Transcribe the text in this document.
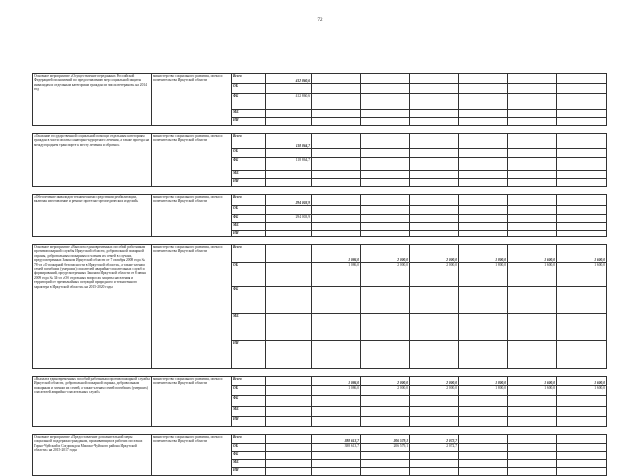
72
Основное мероприятие «Осуществление переданных Российской Федерацией полномочий по предоставлению мер социальной защиты инвалидам и отдельным категориям граждан из числа ветеранов» на 2014 год	министерство социального развития, опеки и попечительства Иркутской области	Всего	412 860,6						
		ОБ							
		ФБ	412 860,6						
		МБ							
		НИ							

«Оказание государственной социальной помощи отдельным категориям граждан в части оплаты санаторно-курортного лечения, а также проезда на междугороднем транспорте к месту лечения и обратно»	министерство социального развития, опеки и попечительства Иркутской области	Всего	118 864,7						
		ОБ							
		ФБ	118 864,7						
		МБ							
		НИ							

«Обеспечение инвалидов техническими средствами реабилитации, включая изготовление и ремонт протезно-ортопедических изделий»	министерство социального развития, опеки и попечительства Иркутской области	Всего	294 003,9						
		ОБ							
		ФБ	294 003,9						
		МБ							
		НИ							

Основное мероприятие «Выплата единовременных пособий работникам противопожарной службы Иркутской области, добровольной пожарной охраны, добровольным пожарным и членам их семей в случаях, предусмотренных Законом Иркутской области от 7 октября 2008 года № 78-оз «О пожарной безопасности в Иркутской области», а также членам семей погибших (умерших) спасателей аварийно-спасательных служб и формирований, предусмотренных Законом Иркутской области от 8 июня 2009 года № 34-оз «Об отдельных вопросах защиты населения и территорий от чрезвычайных ситуаций природного и техногенного характера в Иркутской области» на 2015-2020 годы	министерство социального развития, опеки и попечительства Иркутской области	Всего		1 086,0	2 000,0	2 000,0	1 800,0	1 600,0	1 600,0
		ОБ		1 086,0	2 000,0	2 000,0	1 800,0	1 600,0	1 600,0
		ФБ							
		МБ							
		НИ							

«Выплата единовременных пособий работникам противопожарной службы Иркутской области, добровольной пожарной охраны, добровольным пожарным и членам их семей, а также членам семей погибших (умерших) спасателей аварийно-спасательных служб»	министерство социального развития, опеки и попечительства Иркутской области	Всего		1 086,0	2 000,0	2 000,0	1 800,0	1 600,0	1 600,0
		ОБ		1 086,0	2 000,0	2 000,0	1 800,0	1 600,0	1 600,0
		ФБ							
		МБ							
		НИ							

Основное мероприятие «Предоставление дополнительной меры социальной поддержки гражданам, проживающим в рабочих поселках Горно-Чуйский и Согдиондон Мамско-Чуйского района Иркутской области» на 2015-2017 годы	министерство социального развития, опеки и попечительства Иркутской области	Всего		388 613,7	206 579,1	2 072,7			
		ОБ		388 613,7	206 579,1	2 072,7			
		ФБ							
		МБ							
		НИ							
